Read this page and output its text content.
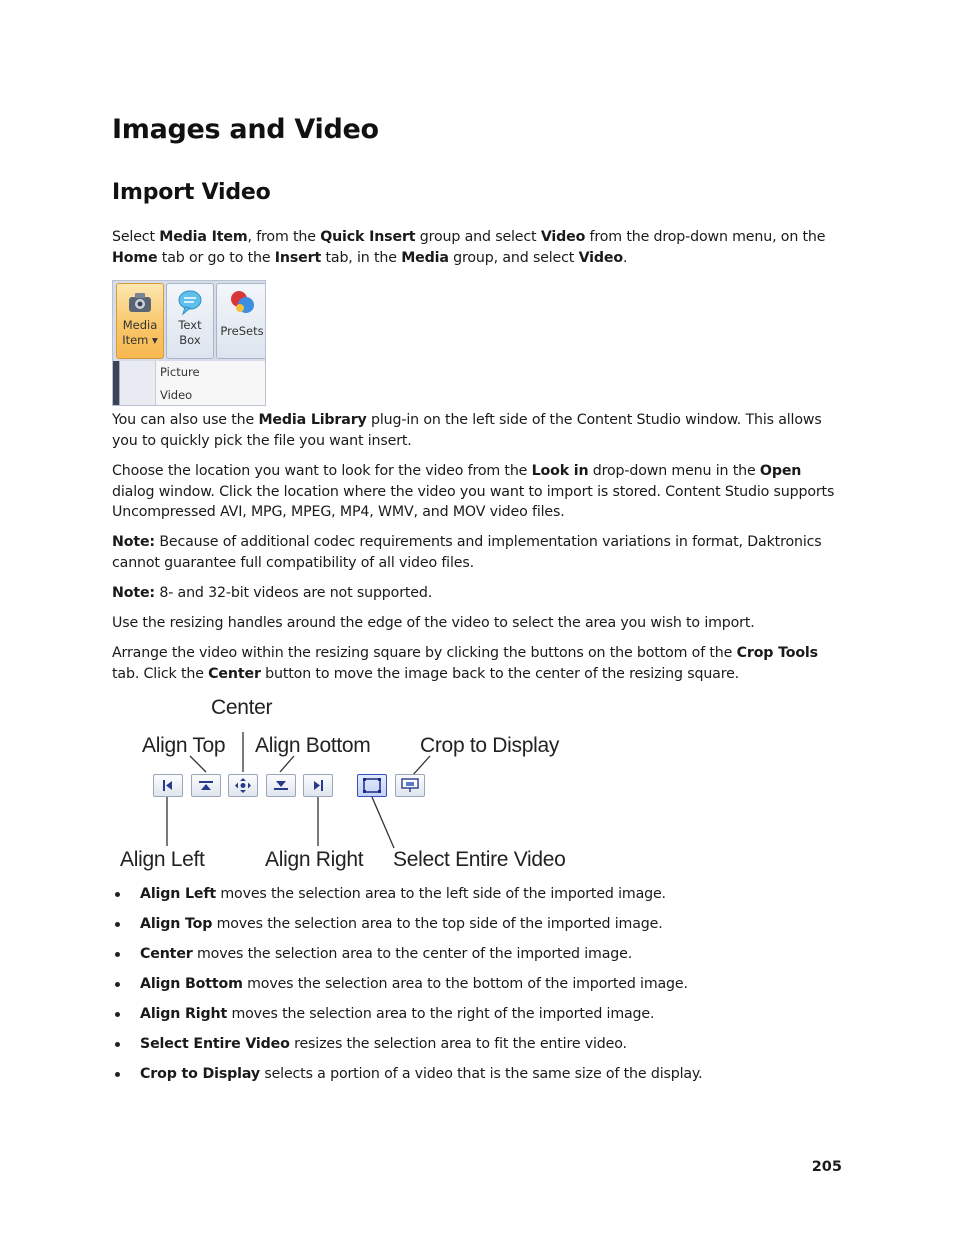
Images and Video
Import Video

Select Media Item, from the Quick Insert group and select Video from the drop-down menu, on the Home tab or go to the Insert tab, in the Media group, and select Video.

Media
Item ▾
Text
Box
PreSets
Picture
Video

You can also use the Media Library plug-in on the left side of the Content Studio window. This allows you to quickly pick the file you want insert.

Choose the location you want to look for the video from the Look in drop-down menu in the Open dialog window. Click the location where the video you want to import is stored. Content Studio supports Uncompressed AVI, MPG, MPEG, MP4, WMV, and MOV video files.

Note: Because of additional codec requirements and implementation variations in format, Daktronics cannot guarantee full compatibility of all video files.

Note: 8- and 32-bit videos are not supported.

Use the resizing handles around the edge of the video to select the area you wish to import.

Arrange the video within the resizing square by clicking the buttons on the bottom of the Crop Tools tab. Click the Center button to move the image back to the center of the resizing square.

Center
Align Top Align Bottom Crop to Display
Align Left	Align Right Select Entire Video
Align Left moves the selection area to the left side of the imported image.
Align Top moves the selection area to the top side of the imported image.
Center moves the selection area to the center of the imported image.
Align Bottom moves the selection area to the bottom of the imported image.
Align Right moves the selection area to the right of the imported image.
Select Entire Video resizes the selection area to fit the entire video.
Crop to Display selects a portion of a video that is the same size of the display.
205
